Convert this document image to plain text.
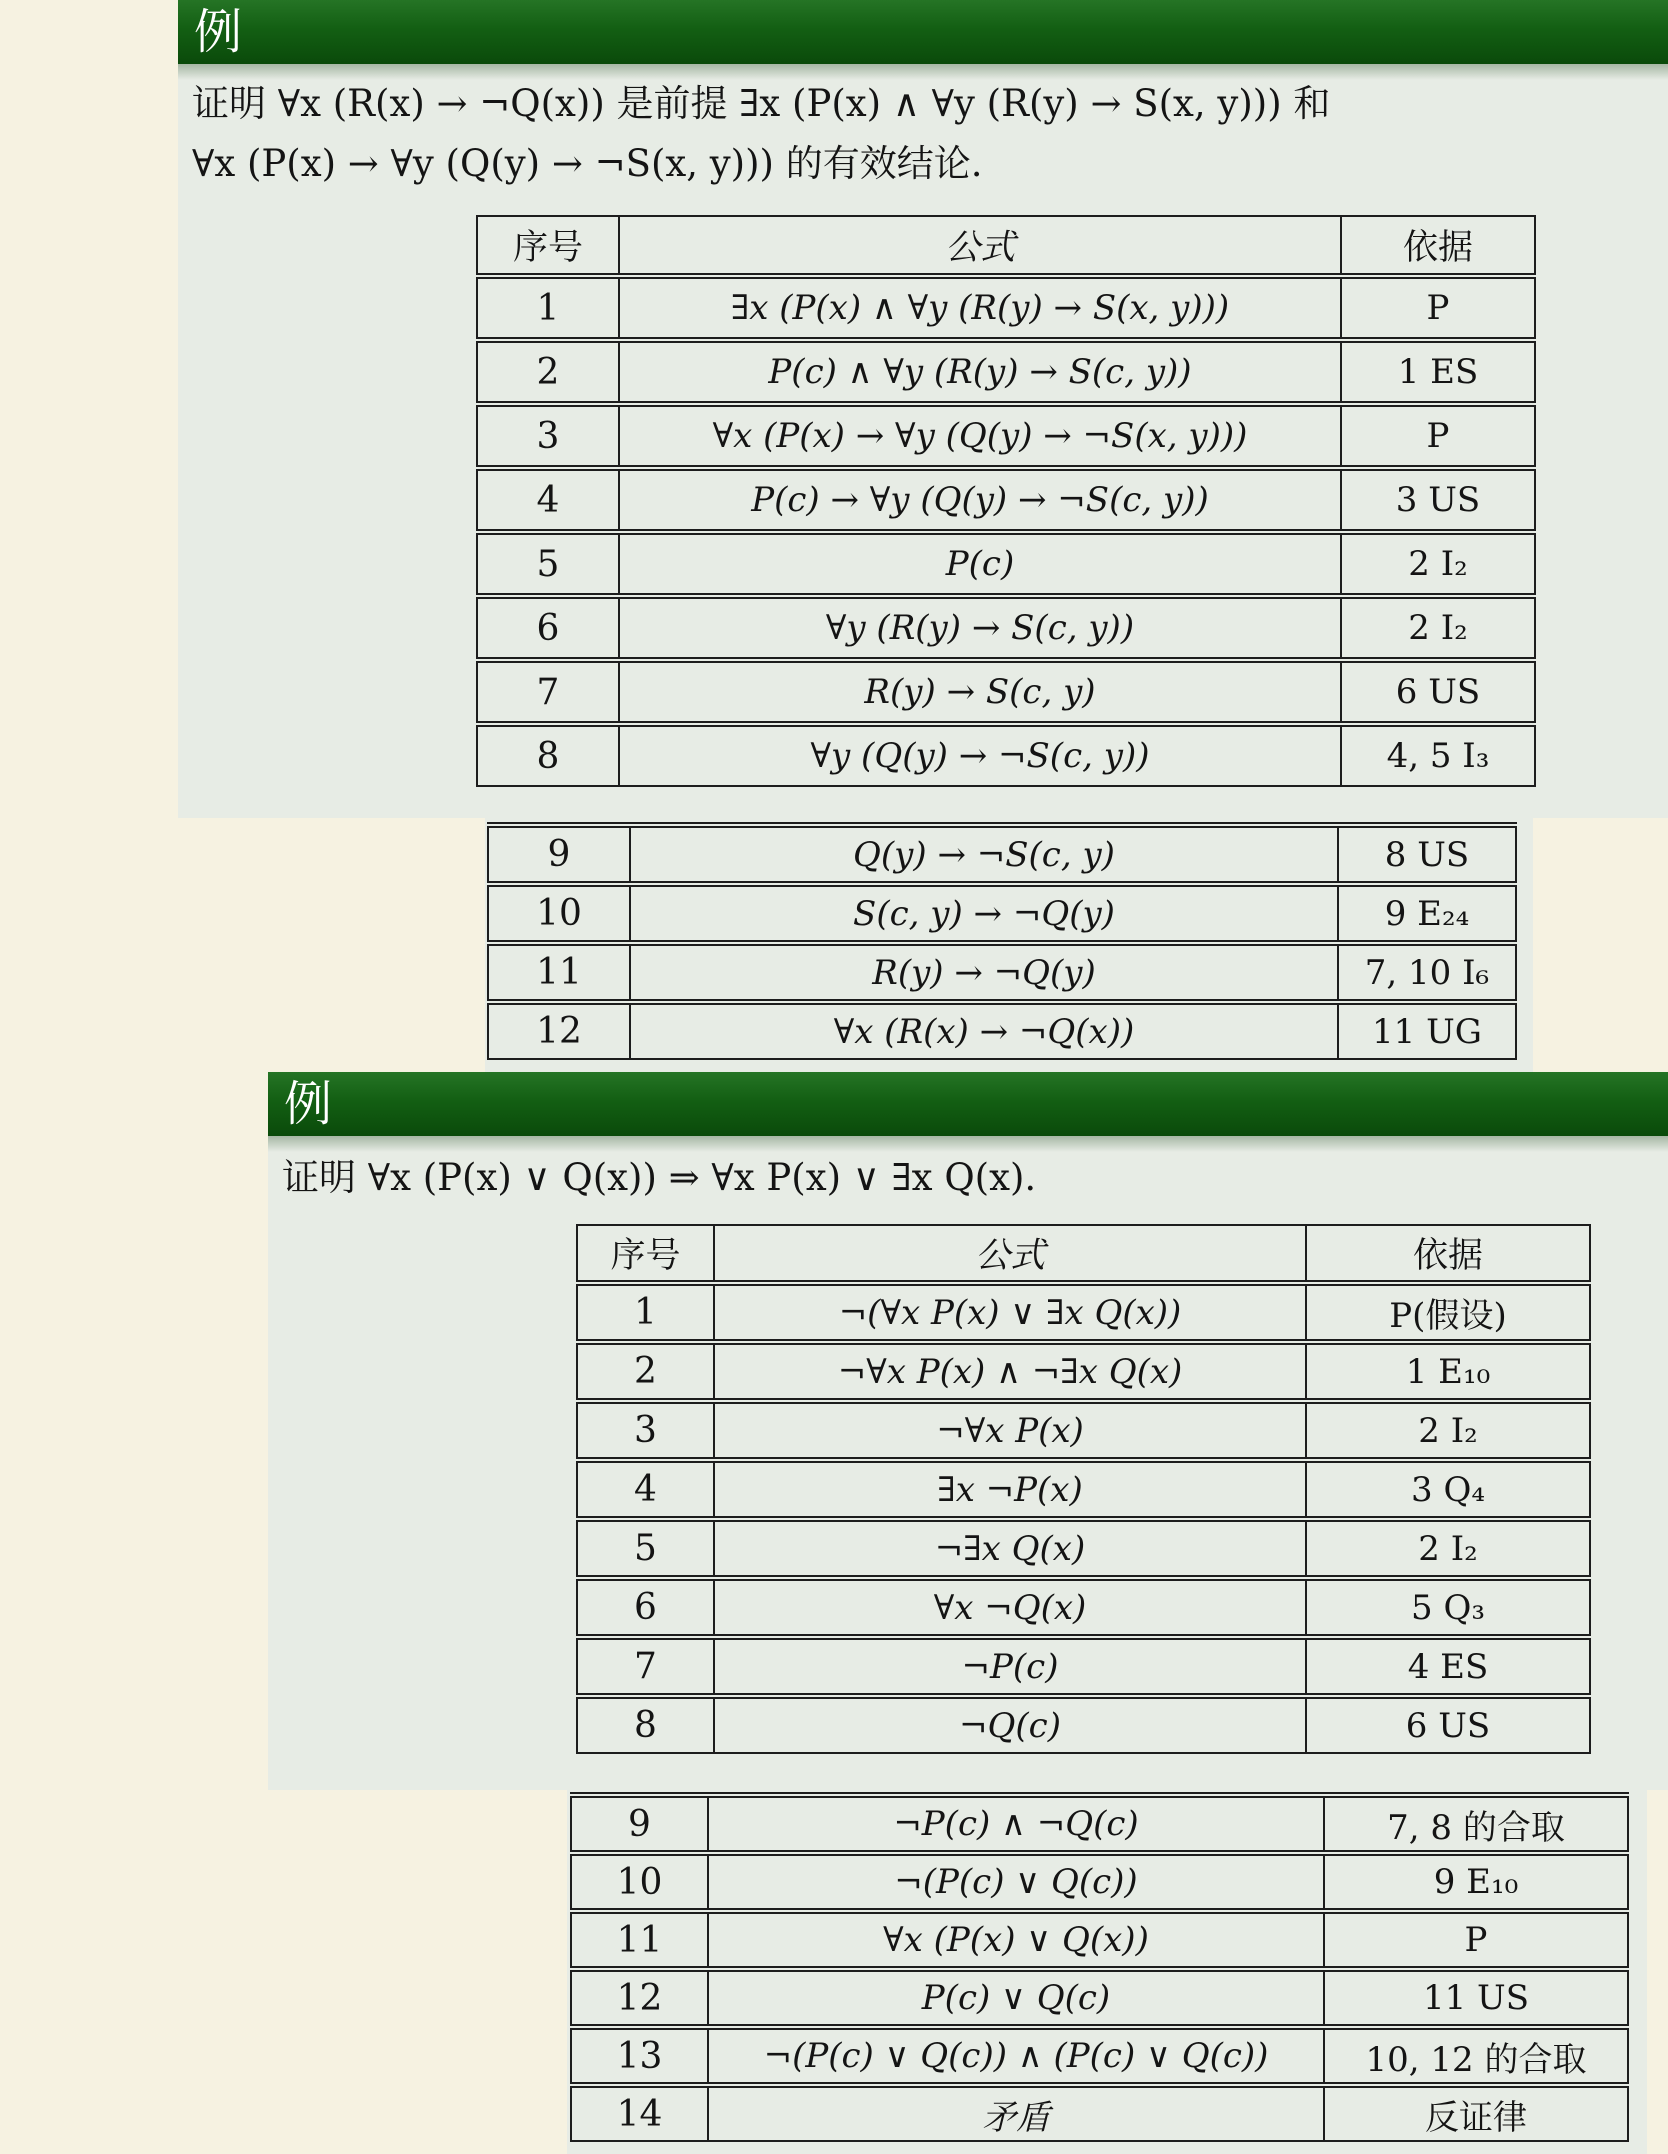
例
证明 ∀x (R(x) → ¬Q(x)) 是前提 ∃x (P(x) ∧ ∀y (R(y) → S(x, y))) 和
∀x (P(x) → ∀y (Q(y) → ¬S(x, y))) 的有效结论.
序号	公式	依据
1	∃x (P(x) ∧ ∀y (R(y) → S(x, y)))	P
2	P(c) ∧ ∀y (R(y) → S(c, y))	1 ES
3	∀x (P(x) → ∀y (Q(y) → ¬S(x, y)))	P
4	P(c) → ∀y (Q(y) → ¬S(c, y))	3 US
5	P(c)	2 I₂
6	∀y (R(y) → S(c, y))	2 I₂
7	R(y) → S(c, y)	6 US
8	∀y (Q(y) → ¬S(c, y))	4, 5 I₃
9	Q(y) → ¬S(c, y)	8 US
10	S(c, y) → ¬Q(y)	9 E₂₄
11	R(y) → ¬Q(y)	7, 10 I₆
12	∀x (R(x) → ¬Q(x))	11 UG
例
证明 ∀x (P(x) ∨ Q(x)) ⇒ ∀x P(x) ∨ ∃x Q(x).
序号	公式	依据
1	¬(∀x P(x) ∨ ∃x Q(x))	P(假设)
2	¬∀x P(x) ∧ ¬∃x Q(x)	1 E₁₀
3	¬∀x P(x)	2 I₂
4	∃x ¬P(x)	3 Q₄
5	¬∃x Q(x)	2 I₂
6	∀x ¬Q(x)	5 Q₃
7	¬P(c)	4 ES
8	¬Q(c)	6 US
9	¬P(c) ∧ ¬Q(c)	7, 8 的合取
10	¬(P(c) ∨ Q(c))	9 E₁₀
11	∀x (P(x) ∨ Q(x))	P
12	P(c) ∨ Q(c)	11 US
13	¬(P(c) ∨ Q(c)) ∧ (P(c) ∨ Q(c))	10, 12 的合取
14	矛盾	反证律
